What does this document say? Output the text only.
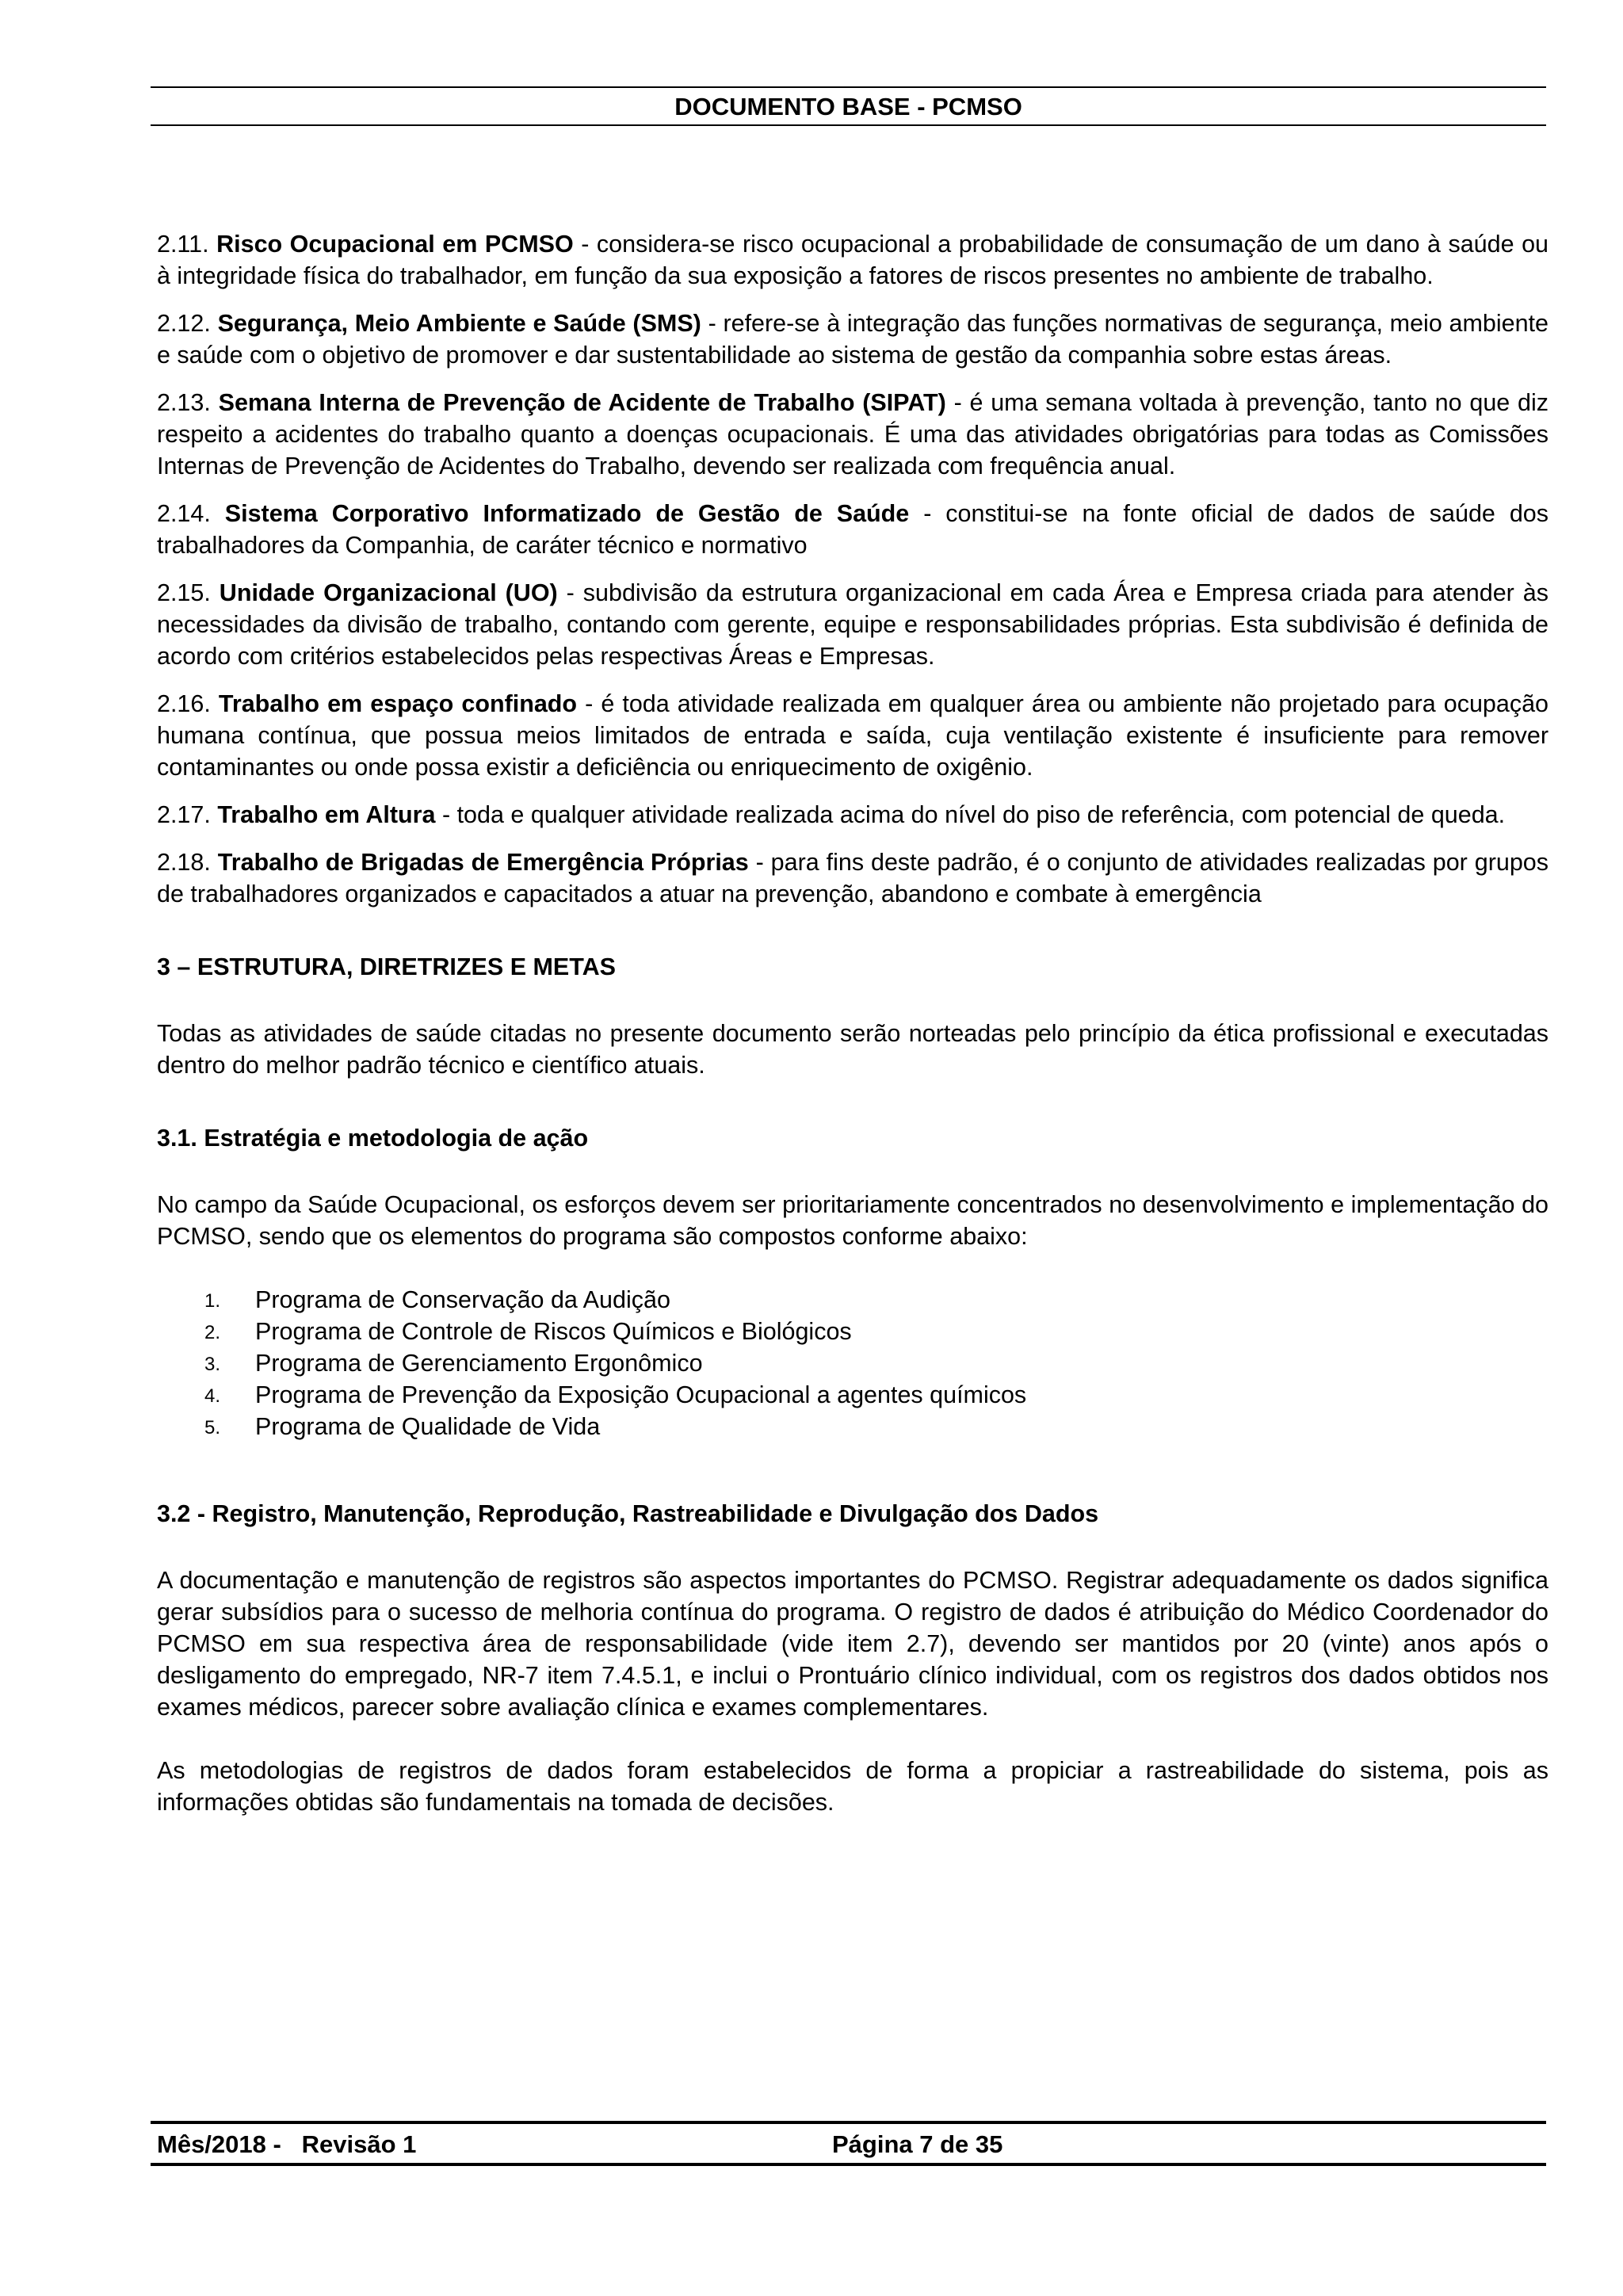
DOCUMENTO BASE - PCMSO

2.11. Risco Ocupacional em PCMSO - considera-se risco ocupacional a probabilidade de consumação de um dano à saúde ou à integridade física do trabalhador, em função da sua exposição a fatores de riscos presentes no ambiente de trabalho.

2.12. Segurança, Meio Ambiente e Saúde (SMS) - refere-se à integração das funções normativas de segurança, meio ambiente e saúde com o objetivo de promover e dar sustentabilidade ao sistema de gestão da companhia sobre estas áreas.

2.13. Semana Interna de Prevenção de Acidente de Trabalho (SIPAT) - é uma semana voltada à prevenção, tanto no que diz respeito a acidentes do trabalho quanto a doenças ocupacionais. É uma das atividades obrigatórias para todas as Comissões Internas de Prevenção de Acidentes do Trabalho, devendo ser realizada com frequência anual.

2.14. Sistema Corporativo Informatizado de Gestão de Saúde - constitui-se na fonte oficial de dados de saúde dos trabalhadores da Companhia, de caráter técnico e normativo

2.15. Unidade Organizacional (UO) - subdivisão da estrutura organizacional em cada Área e Empresa criada para atender às necessidades da divisão de trabalho, contando com gerente, equipe e responsabilidades próprias. Esta subdivisão é definida de acordo com critérios estabelecidos pelas respectivas Áreas e Empresas.

2.16. Trabalho em espaço confinado - é toda atividade realizada em qualquer área ou ambiente não projetado para ocupação humana contínua, que possua meios limitados de entrada e saída, cuja ventilação existente é insuficiente para remover contaminantes ou onde possa existir a deficiência ou enriquecimento de oxigênio.

2.17. Trabalho em Altura - toda e qualquer atividade realizada acima do nível do piso de referência, com potencial de queda.

2.18. Trabalho de Brigadas de Emergência Próprias - para fins deste padrão, é o conjunto de atividades realizadas por grupos de trabalhadores organizados e capacitados a atuar na prevenção, abandono e combate à emergência

3 – ESTRUTURA, DIRETRIZES E METAS

Todas as atividades de saúde citadas no presente documento serão norteadas pelo princípio da ética profissional e executadas dentro do melhor padrão técnico e científico atuais.

3.1. Estratégia e metodologia de ação

No campo da Saúde Ocupacional, os esforços devem ser prioritariamente concentrados no desenvolvimento e implementação do PCMSO, sendo que os elementos do programa são compostos conforme abaixo:

1. Programa de Conservação da Audição
2. Programa de Controle de Riscos Químicos e Biológicos
3. Programa de Gerenciamento Ergonômico
4. Programa de Prevenção da Exposição Ocupacional a agentes químicos
5. Programa de Qualidade de Vida
3.2 - Registro, Manutenção, Reprodução, Rastreabilidade e Divulgação dos Dados

A documentação e manutenção de registros são aspectos importantes do PCMSO. Registrar adequadamente os dados significa gerar subsídios para o sucesso de melhoria contínua do programa. O registro de dados é atribuição do Médico Coordenador do PCMSO em sua respectiva área de responsabilidade (vide item 2.7), devendo ser mantidos por 20 (vinte) anos após o desligamento do empregado, NR-7 item 7.4.5.1, e inclui o Prontuário clínico individual, com os registros dos dados obtidos nos exames médicos, parecer sobre avaliação clínica e exames complementares.

As metodologias de registros de dados foram estabelecidos de forma a propiciar a rastreabilidade do sistema, pois as informações obtidas são fundamentais na tomada de decisões.

Mês/2018 -   Revisão 1	Página 7 de 35
